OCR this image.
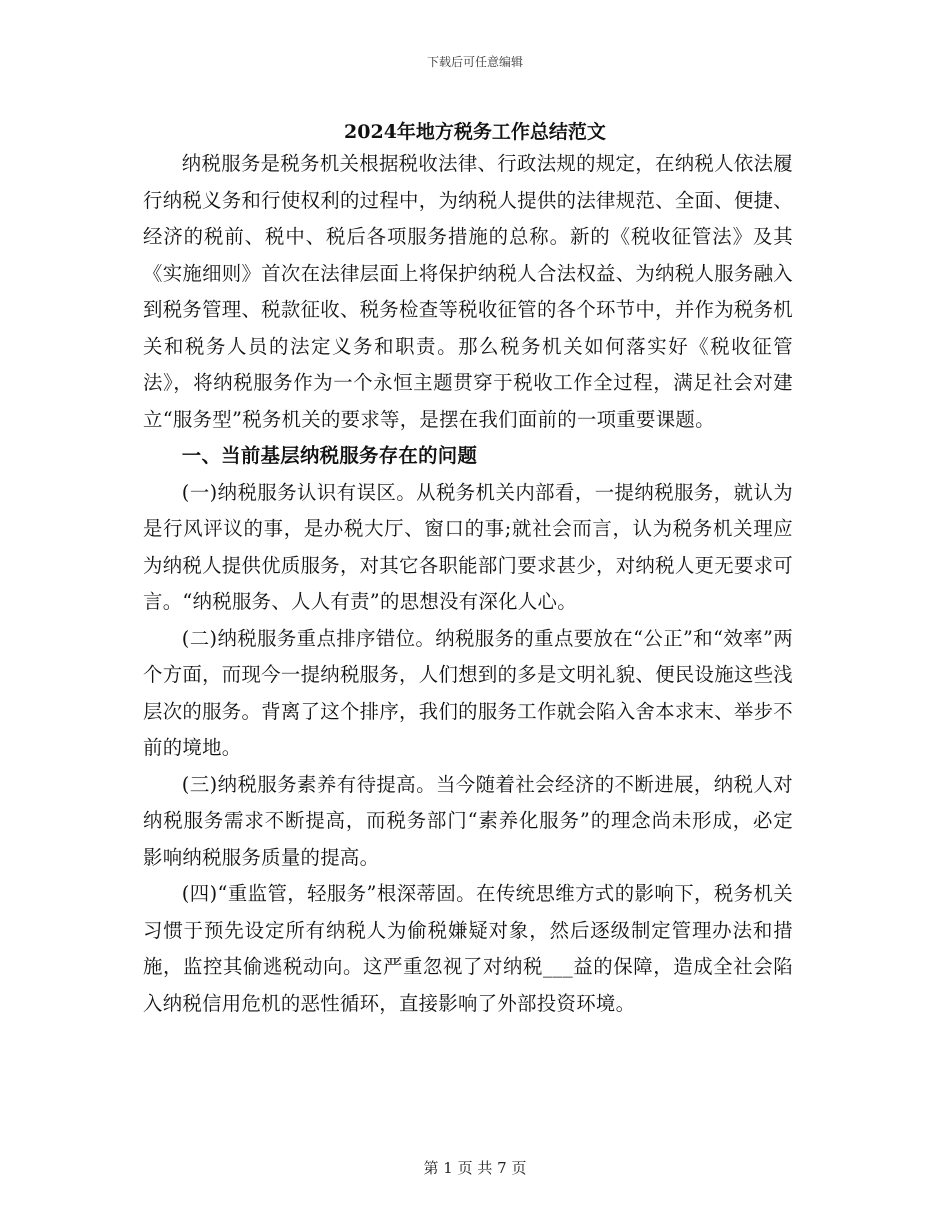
下载后可任意编辑
2024年地方税务工作总结范文

纳税服务是税务机关根据税收法律、行政法规的规定，在纳税人依法履行纳税义务和行使权利的过程中，为纳税人提供的法律规范、全面、便捷、经济的税前、税中、税后各项服务措施的总称。新的《税收征管法》及其《实施细则》首次在法律层面上将保护纳税人合法权益、为纳税人服务融入到税务管理、税款征收、税务检查等税收征管的各个环节中，并作为税务机关和税务人员的法定义务和职责。那么税务机关如何落实好《税收征管法》，将纳税服务作为一个永恒主题贯穿于税收工作全过程，满足社会对建立“服务型”税务机关的要求等，是摆在我们面前的一项重要课题。

一、当前基层纳税服务存在的问题

(一)纳税服务认识有误区。从税务机关内部看，一提纳税服务，就认为是行风评议的事，是办税大厅、窗口的事;就社会而言，认为税务机关理应为纳税人提供优质服务，对其它各职能部门要求甚少，对纳税人更无要求可言。“纳税服务、人人有责”的思想没有深化人心。

(二)纳税服务重点排序错位。纳税服务的重点要放在“公正”和“效率”两个方面，而现今一提纳税服务，人们想到的多是文明礼貌、便民设施这些浅层次的服务。背离了这个排序，我们的服务工作就会陷入舍本求末、举步不前的境地。

(三)纳税服务素养有待提高。当今随着社会经济的不断进展，纳税人对纳税服务需求不断提高，而税务部门“素养化服务”的理念尚未形成，必定影响纳税服务质量的提高。

(四)“重监管，轻服务”根深蒂固。在传统思维方式的影响下，税务机关习惯于预先设定所有纳税人为偷税嫌疑对象，然后逐级制定管理办法和措施，监控其偷逃税动向。这严重忽视了对纳税___益的保障，造成全社会陷入纳税信用危机的恶性循环，直接影响了外部投资环境。

第 1 页 共 7 页
